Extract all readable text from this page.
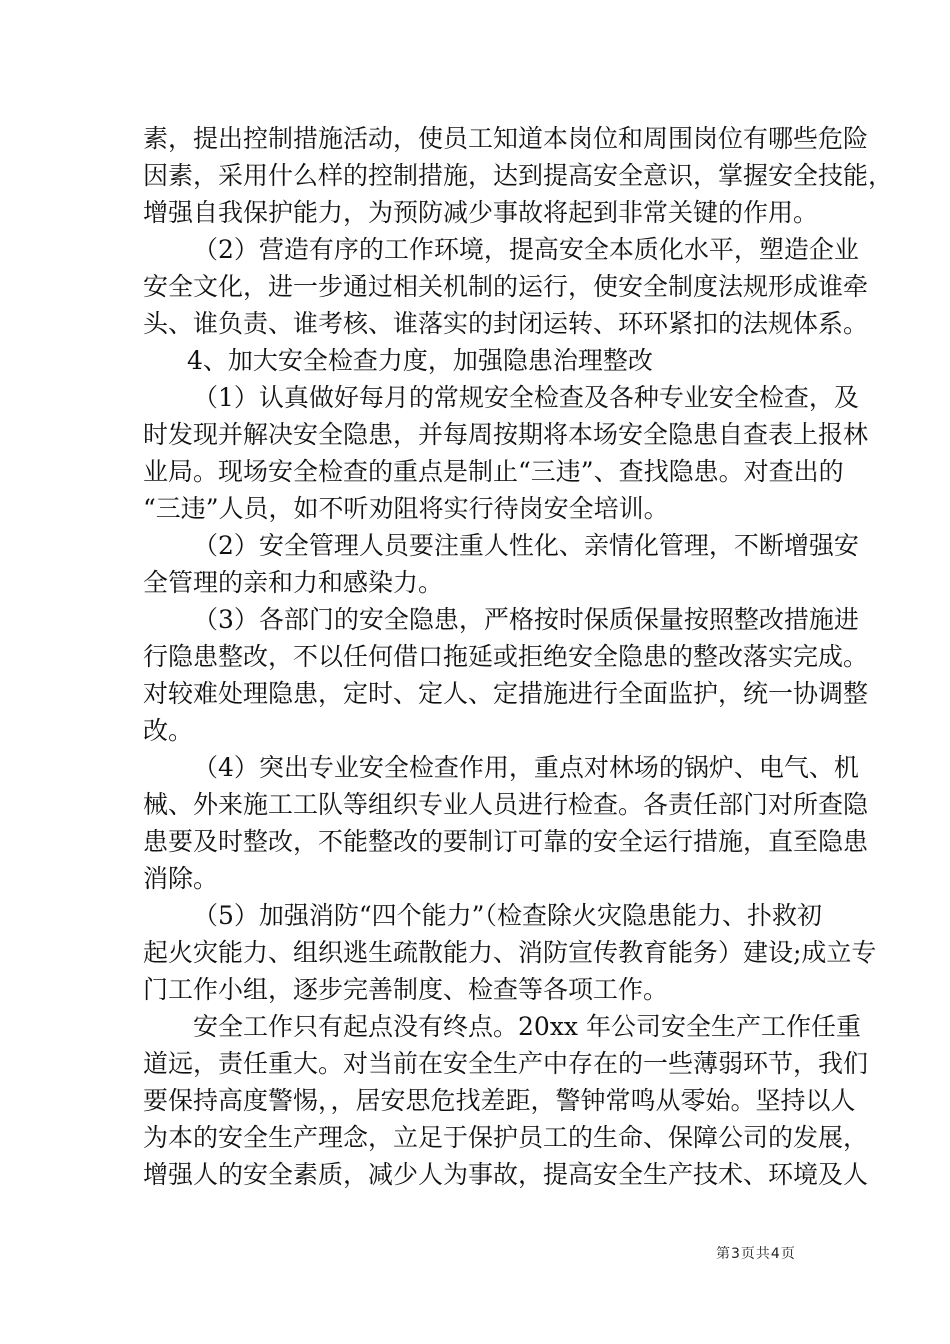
素，提出控制措施活动，使员工知道本岗位和周围岗位有哪些危险
因素，采用什么样的控制措施，达到提高安全意识，掌握安全技能，
增强自我保护能力，为预防减少事故将起到非常关键的作用。
（2）营造有序的工作环境，提高安全本质化水平，塑造企业
安全文化，进一步通过相关机制的运行，使安全制度法规形成谁牵
头、谁负责、谁考核、谁落实的封闭运转、环环紧扣的法规体系。
4、加大安全检查力度，加强隐患治理整改
（1）认真做好每月的常规安全检查及各种专业安全检查，及
时发现并解决安全隐患，并每周按期将本场安全隐患自查表上报林
业局。现场安全检查的重点是制止“三违”、查找隐患。对查出的
“三违”人员，如不听劝阻将实行待岗安全培训。
（2）安全管理人员要注重人性化、亲情化管理，不断增强安
全管理的亲和力和感染力。
（3）各部门的安全隐患，严格按时保质保量按照整改措施进
行隐患整改，不以任何借口拖延或拒绝安全隐患的整改落实完成。
对较难处理隐患，定时、定人、定措施进行全面监护，统一协调整
改。
（4）突出专业安全检查作用，重点对林场的锅炉、电气、机
械、外来施工工队等组织专业人员进行检查。各责任部门对所查隐
患要及时整改，不能整改的要制订可靠的安全运行措施，直至隐患
消除。
（5）加强消防“四个能力”（检查除火灾隐患能力、扑救初
起火灾能力、组织逃生疏散能力、消防宣传教育能务）建设;成立专
门工作小组，逐步完善制度、检查等各项工作。
安全工作只有起点没有终点。20xx 年公司安全生产工作任重
道远，责任重大。对当前在安全生产中存在的一些薄弱环节，我们
要保持高度警惕，，居安思危找差距，警钟常鸣从零始。坚持以人
为本的安全生产理念，立足于保护员工的生命、保障公司的发展，
增强人的安全素质，减少人为事故，提高安全生产技术、环境及人
第3页共4页
